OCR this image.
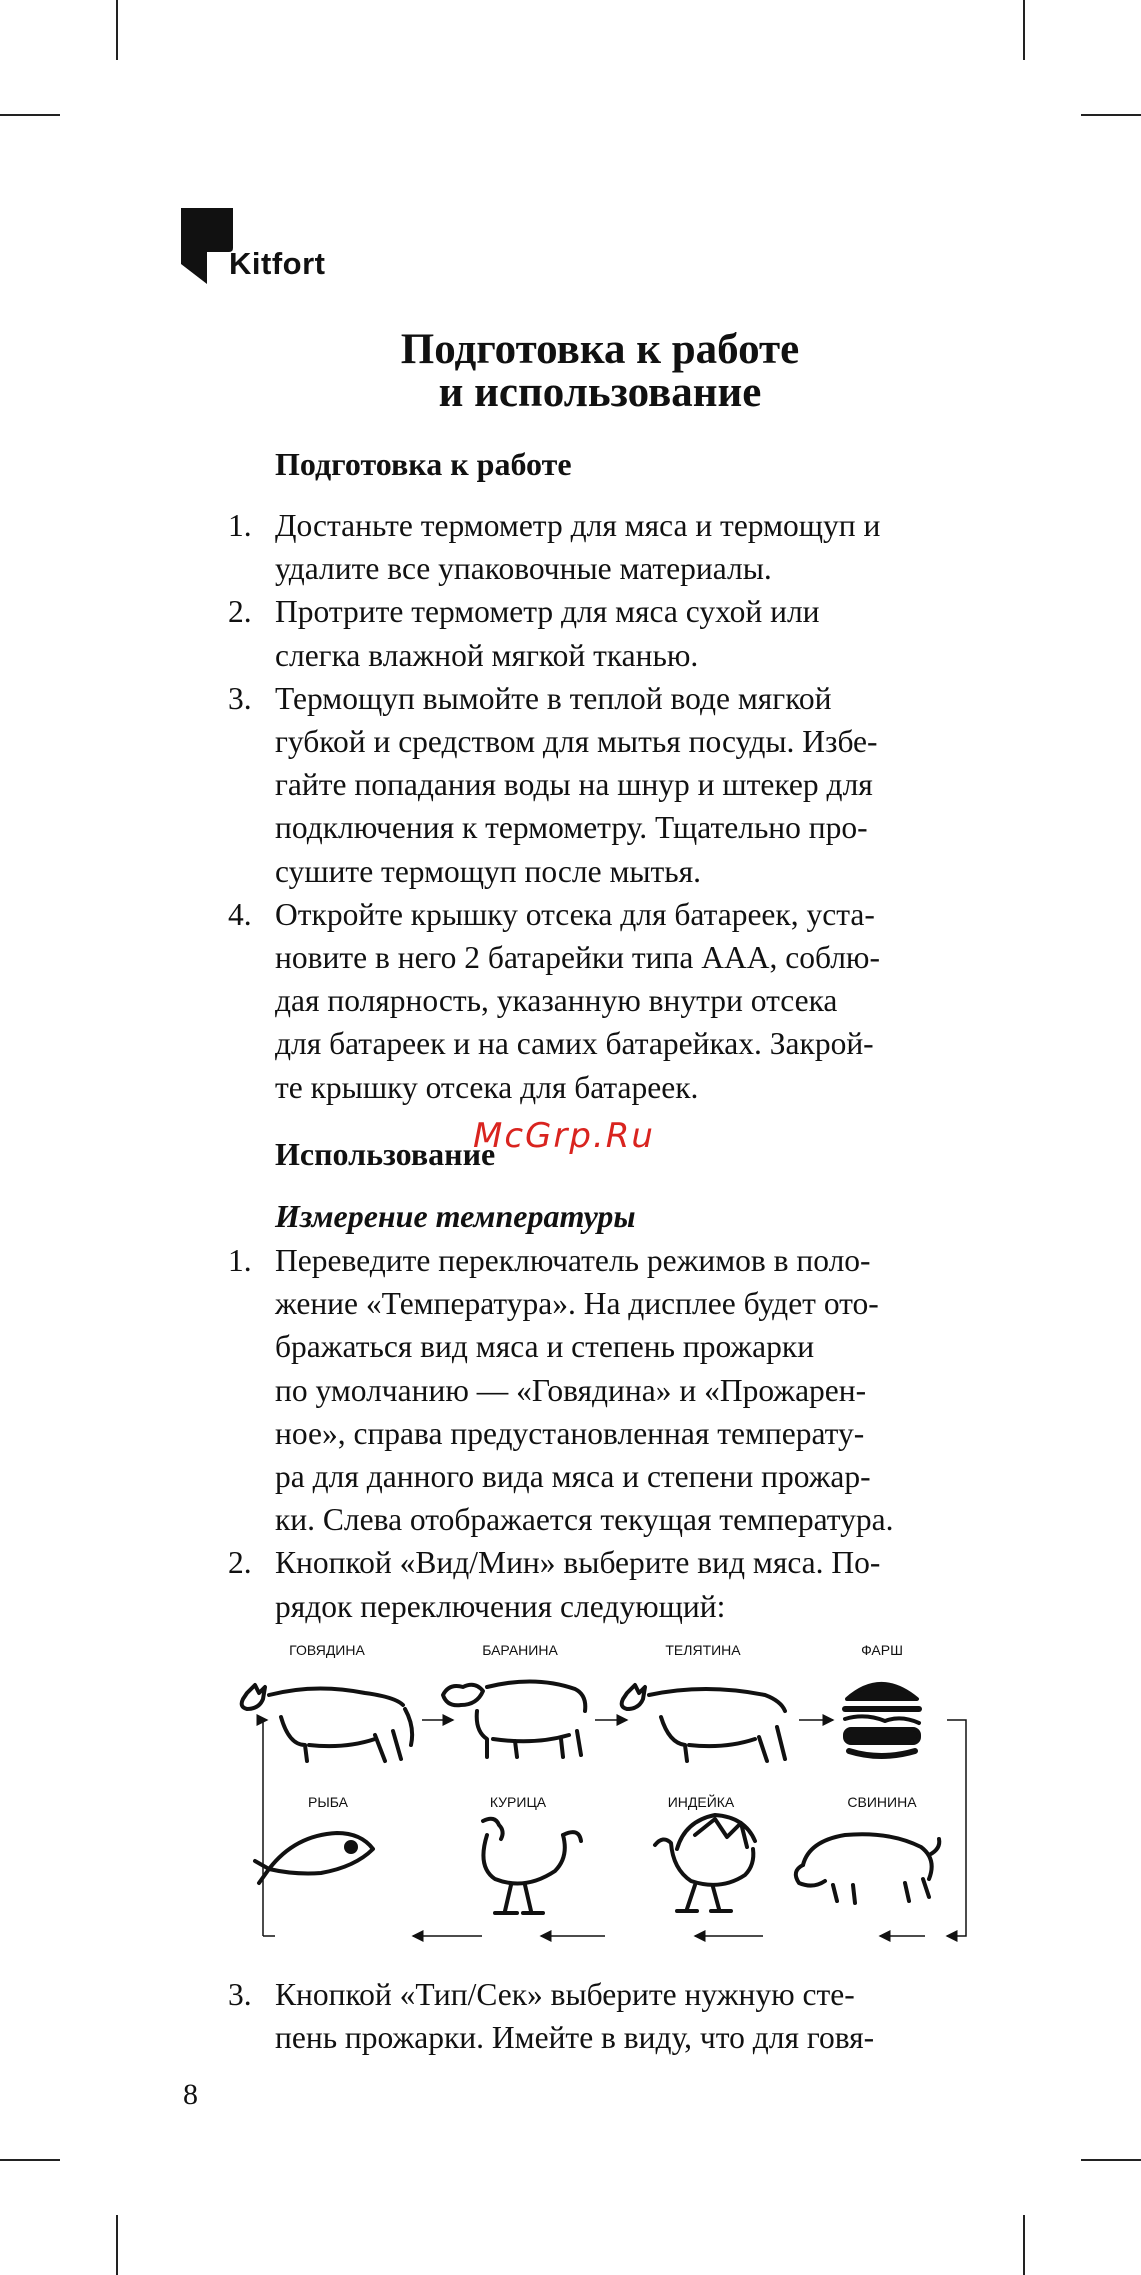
Kitfort
Подготовка к работе
и использование
Подготовка к работе
1. Достаньте термометр для мяса и термощуп и
удалите все упаковочные материалы.
2. Протрите термометр для мяса сухой или
слегка влажной мягкой тканью.
3. Термощуп вымойте в теплой воде мягкой
губкой и средством для мытья посуды. Избе-
гайте попадания воды на шнур и штекер для
подключения к термометру. Тщательно про-
сушите термощуп после мытья.
4. Откройте крышку отсека для батареек, уста-
новите в него 2 батарейки типа AAA, соблю-
дая полярность, указанную внутри отсека
для батареек и на самих батарейках. Закрой-
те крышку отсека для батареек.
Использование
McGrp.Ru
Измерение температуры
1. Переведите переключатель режимов в поло-
жение «Температура». На дисплее будет ото-
бражаться вид мяса и степень прожарки
по умолчанию — «Говядина» и «Прожарен-
ное», справа предустановленная температу-
ра для данного вида мяса и степени прожар-
ки. Слева отображается текущая температура.
2. Кнопкой «Вид/Мин» выберите вид мяса. По-
рядок переключения следующий:
ГОВЯДИНА	БАРАНИНА	ТЕЛЯТИНА	ФАРШ
РЫБА	КУРИЦА	ИНДЕЙКА	СВИНИНА
3. Кнопкой «Тип/Сек» выберите нужную сте-
пень прожарки. Имейте в виду, что для говя-
8
